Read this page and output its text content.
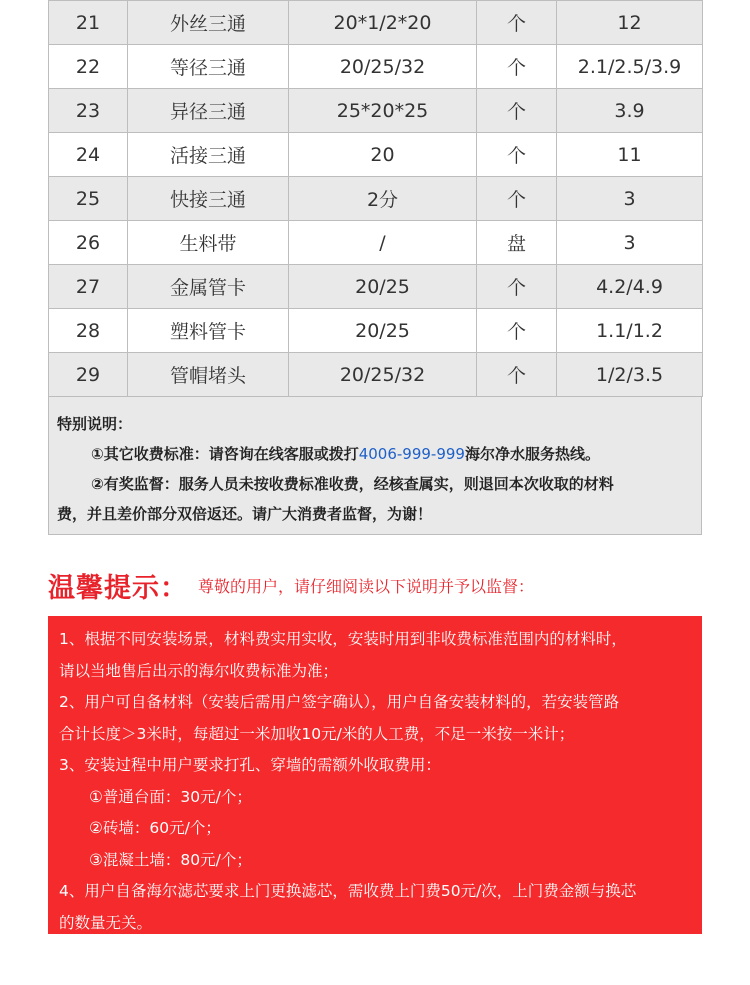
21	外丝三通	20*1/2*20	个	12
22	等径三通	20/25/32	个	2.1/2.5/3.9
23	异径三通	25*20*25	个	3.9
24	活接三通	20	个	11
25	快接三通	2分	个	3
26	生料带	/	盘	3
27	金属管卡	20/25	个	4.2/4.9
28	塑料管卡	20/25	个	1.1/1.2
29	管帽堵头	20/25/32	个	1/2/3.5
特别说明：
①其它收费标准：请咨询在线客服或拨打4006-999-999海尔净水服务热线。
②有奖监督：服务人员未按收费标准收费，经核查属实，则退回本次收取的材料
费，并且差价部分双倍返还。请广大消费者监督，为谢！
温馨提示： 尊敬的用户，请仔细阅读以下说明并予以监督：
1、根据不同安装场景，材料费实用实收，安装时用到非收费标准范围内的材料时，
请以当地售后出示的海尔收费标准为准；
2、用户可自备材料（安装后需用户签字确认），用户自备安装材料的，若安装管路
合计长度＞3米时，每超过一米加收10元/米的人工费，不足一米按一米计；
3、安装过程中用户要求打孔、穿墙的需额外收取费用：
①普通台面：30元/个；
②砖墙：60元/个；
③混凝土墙：80元/个；
4、用户自备海尔滤芯要求上门更换滤芯，需收费上门费50元/次，上门费金额与换芯
的数量无关。
